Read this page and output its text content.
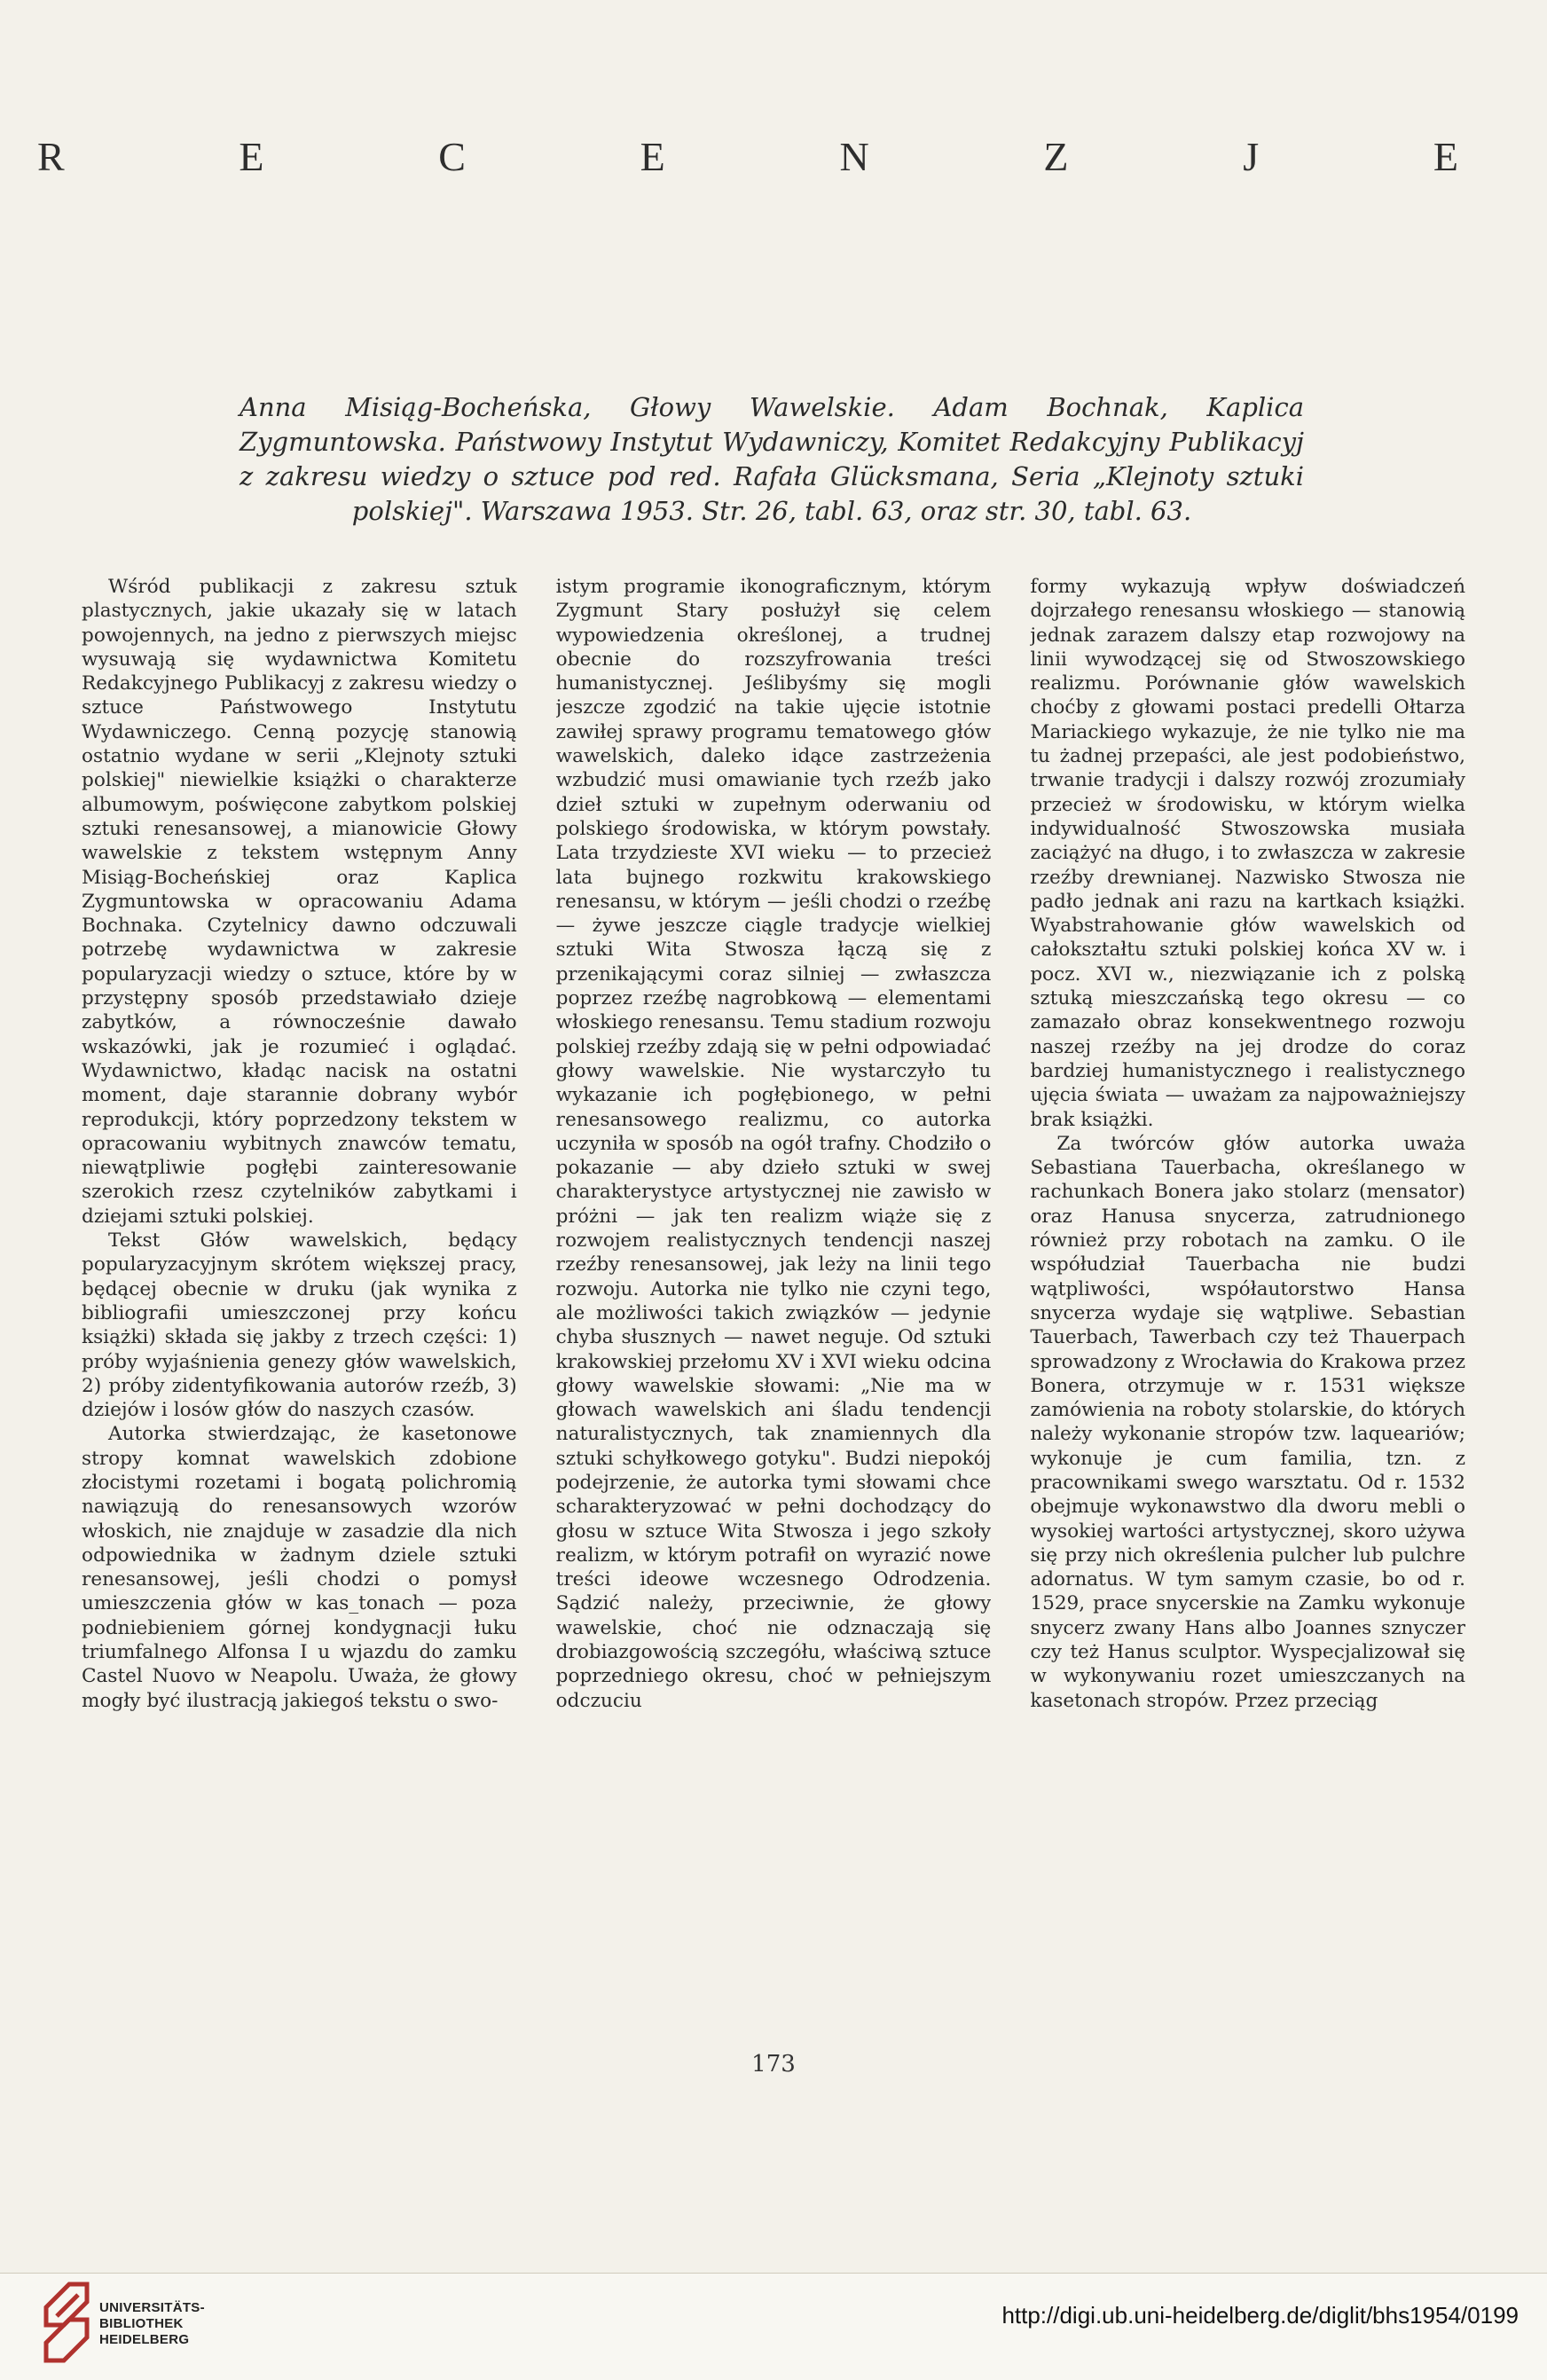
R	E	C	E	N	Z	J	E
Anna Misiąg-Bocheńska, Głowy Wawelskie. Adam Bochnak, Kaplica Zygmuntowska. Państwowy Instytut Wydawniczy, Komitet Redakcyjny Publikacyj z zakresu wiedzy o sztuce pod red. Rafała Glücksmana, Seria „Klejnoty sztuki polskiej". Warszawa 1953. Str. 26, tabl. 63, oraz str. 30, tabl. 63.

Wśród publikacji z zakresu sztuk plastycznych, jakie ukazały się w latach powojennych, na jedno z pierwszych miejsc wysuwają się wydawnictwa Komitetu Redakcyjnego Publikacyj z zakresu wiedzy o sztuce Państwowego Instytutu Wydawniczego. Cenną pozycję stanowią ostatnio wydane w serii „Klejnoty sztuki polskiej" niewielkie książki o charakterze albumowym, poświęcone zabytkom polskiej sztuki renesansowej, a mianowicie Głowy wawelskie z tekstem wstępnym Anny Misiąg-Bocheńskiej oraz Kaplica Zygmuntowska w opracowaniu Adama Bochnaka. Czytelnicy dawno odczuwali potrzebę wydawnictwa w zakresie popularyzacji wiedzy o sztuce, które by w przystępny sposób przedstawiało dzieje zabytków, a równocześnie dawało wskazówki, jak je rozumieć i oglądać. Wydawnictwo, kładąc nacisk na ostatni moment, daje starannie dobrany wybór reprodukcji, który poprzedzony tekstem w opracowaniu wybitnych znawców tematu, niewątpliwie pogłębi zainteresowanie szerokich rzesz czytelników zabytkami i dziejami sztuki polskiej.

Tekst Głów wawelskich, będący popularyzacyjnym skrótem większej pracy, będącej obecnie w druku (jak wynika z bibliografii umieszczonej przy końcu książki) składa się jakby z trzech części: 1) próby wyjaśnienia genezy głów wawelskich, 2) próby zidentyfikowania autorów rzeźb, 3) dziejów i losów głów do naszych czasów.

Autorka stwierdzając, że kasetonowe stropy komnat wawelskich zdobione złocistymi rozetami i bogatą polichromią nawiązują do renesansowych wzorów włoskich, nie znajduje w zasadzie dla nich odpowiednika w żadnym dziele sztuki renesansowej, jeśli chodzi o pomysł umieszczenia głów w kas_tonach — poza podniebieniem górnej kondygnacji łuku triumfalnego Alfonsa I u wjazdu do zamku Castel Nuovo w Neapolu. Uważa, że głowy mogły być ilustracją jakiegoś tekstu o swo-

istym programie ikonograficznym, którym Zygmunt Stary posłużył się celem wypowiedzenia określonej, a trudnej obecnie do rozszyfrowania treści humanistycznej. Jeślibyśmy się mogli jeszcze zgodzić na takie ujęcie istotnie zawiłej sprawy programu tematowego głów wawelskich, daleko idące zastrzeżenia wzbudzić musi omawianie tych rzeźb jako dzieł sztuki w zupełnym oderwaniu od polskiego środowiska, w którym powstały. Lata trzydzieste XVI wieku — to przecież lata bujnego rozkwitu krakowskiego renesansu, w którym — jeśli chodzi o rzeźbę — żywe jeszcze ciągle tradycje wielkiej sztuki Wita Stwosza łączą się z przenikającymi coraz silniej — zwłaszcza poprzez rzeźbę nagrobkową — elementami włoskiego renesansu. Temu stadium rozwoju polskiej rzeźby zdają się w pełni odpowiadać głowy wawelskie. Nie wystarczyło tu wykazanie ich pogłębionego, w pełni renesansowego realizmu, co autorka uczyniła w sposób na ogół trafny. Chodziło o pokazanie — aby dzieło sztuki w swej charakterystyce artystycznej nie zawisło w próżni — jak ten realizm wiąże się z rozwojem realistycznych tendencji naszej rzeźby renesansowej, jak leży na linii tego rozwoju. Autorka nie tylko nie czyni tego, ale możliwości takich związków — jedynie chyba słusznych — nawet neguje. Od sztuki krakowskiej przełomu XV i XVI wieku odcina głowy wawelskie słowami: „Nie ma w głowach wawelskich ani śladu tendencji naturalistycznych, tak znamiennych dla sztuki schyłkowego gotyku". Budzi niepokój podejrzenie, że autorka tymi słowami chce scharakteryzować w pełni dochodzący do głosu w sztuce Wita Stwosza i jego szkoły realizm, w którym potrafił on wyrazić nowe treści ideowe wczesnego Odrodzenia. Sądzić należy, przeciwnie, że głowy wawelskie, choć nie odznaczają się drobiazgowością szczegółu, właściwą sztuce poprzedniego okresu, choć w pełniejszym odczuciu

formy wykazują wpływ doświadczeń dojrzałego renesansu włoskiego — stanowią jednak zarazem dalszy etap rozwojowy na linii wywodzącej się od Stwoszowskiego realizmu. Porównanie głów wawelskich choćby z głowami postaci predelli Ołtarza Mariackiego wykazuje, że nie tylko nie ma tu żadnej przepaści, ale jest podobieństwo, trwanie tradycji i dalszy rozwój zrozumiały przecież w środowisku, w którym wielka indywidualność Stwoszowska musiała zaciążyć na długo, i to zwłaszcza w zakresie rzeźby drewnianej. Nazwisko Stwosza nie padło jednak ani razu na kartkach książki. Wyabstrahowanie głów wawelskich od całokształtu sztuki polskiej końca XV w. i pocz. XVI w., niezwiązanie ich z polską sztuką mieszczańską tego okresu — co zamazało obraz konsekwentnego rozwoju naszej rzeźby na jej drodze do coraz bardziej humanistycznego i realistycznego ujęcia świata — uważam za najpoważniejszy brak książki.

Za twórców głów autorka uważa Sebastiana Tauerbacha, określanego w rachunkach Bonera jako stolarz (mensator) oraz Hanusa snycerza, zatrudnionego również przy robotach na zamku. O ile współudział Tauerbacha nie budzi wątpliwości, współautorstwo Hansa snycerza wydaje się wątpliwe. Sebastian Tauerbach, Tawerbach czy też Thauerpach sprowadzony z Wrocławia do Krakowa przez Bonera, otrzymuje w r. 1531 większe zamówienia na roboty stolarskie, do których należy wykonanie stropów tzw. laqueariów; wykonuje je cum familia, tzn. z pracownikami swego warsztatu. Od r. 1532 obejmuje wykonawstwo dla dworu mebli o wysokiej wartości artystycznej, skoro używa się przy nich określenia pulcher lub pulchre adornatus. W tym samym czasie, bo od r. 1529, prace snycerskie na Zamku wykonuje snycerz zwany Hans albo Joannes sznyczer czy też Hanus sculptor. Wyspecjalizował się w wykonywaniu rozet umieszczanych na kasetonach stropów. Przez przeciąg

173
UNIVERSITÄTS-
BIBLIOTHEK
HEIDELBERG
http://digi.ub.uni-heidelberg.de/diglit/bhs1954/0199
